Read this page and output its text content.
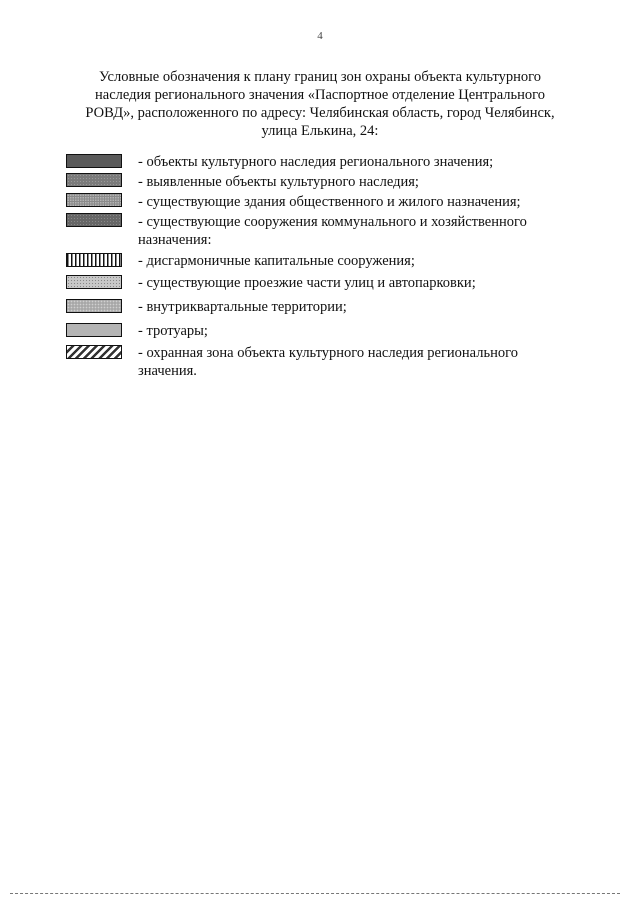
4
Условные обозначения к плану границ зон охраны объекта культурного
наследия регионального значения «Паспортное отделение Центрального
РОВД», расположенного по адресу: Челябинская область, город Челябинск,
улица Елькина, 24:
- объекты культурного наследия регионального значения;
- выявленные объекты культурного наследия;
- существующие здания общественного и жилого назначения;
- существующие сооружения коммунального и хозяйственного
назначения:
- дисгармоничные капитальные сооружения;
- существующие проезжие части улиц и автопарковки;
- внутриквартальные территории;
- тротуары;
- охранная зона объекта культурного наследия регионального
значения.
